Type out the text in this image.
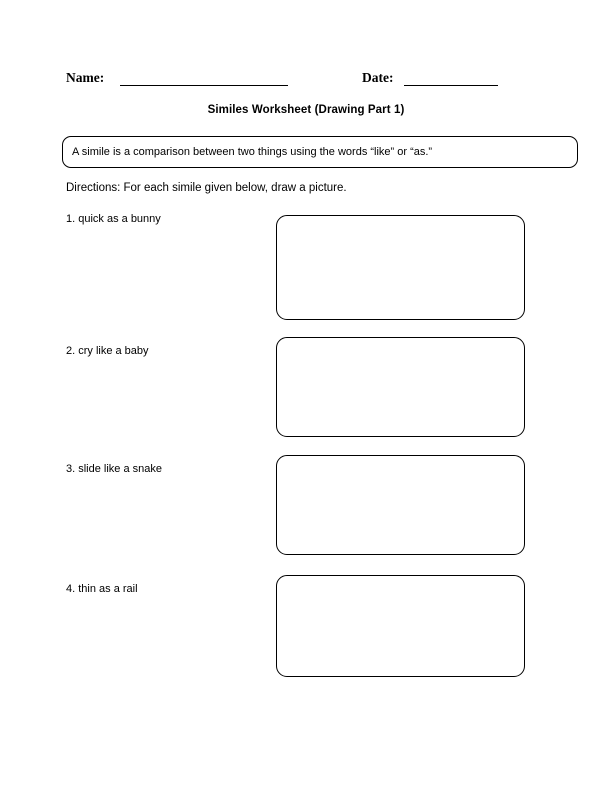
Name:	Date:
Similes Worksheet (Drawing Part 1)
A simile is a comparison between two things using the words “like” or “as.”
Directions: For each simile given below, draw a picture.
1. quick as a bunny
2. cry like a baby
3. slide like a snake
4. thin as a rail
